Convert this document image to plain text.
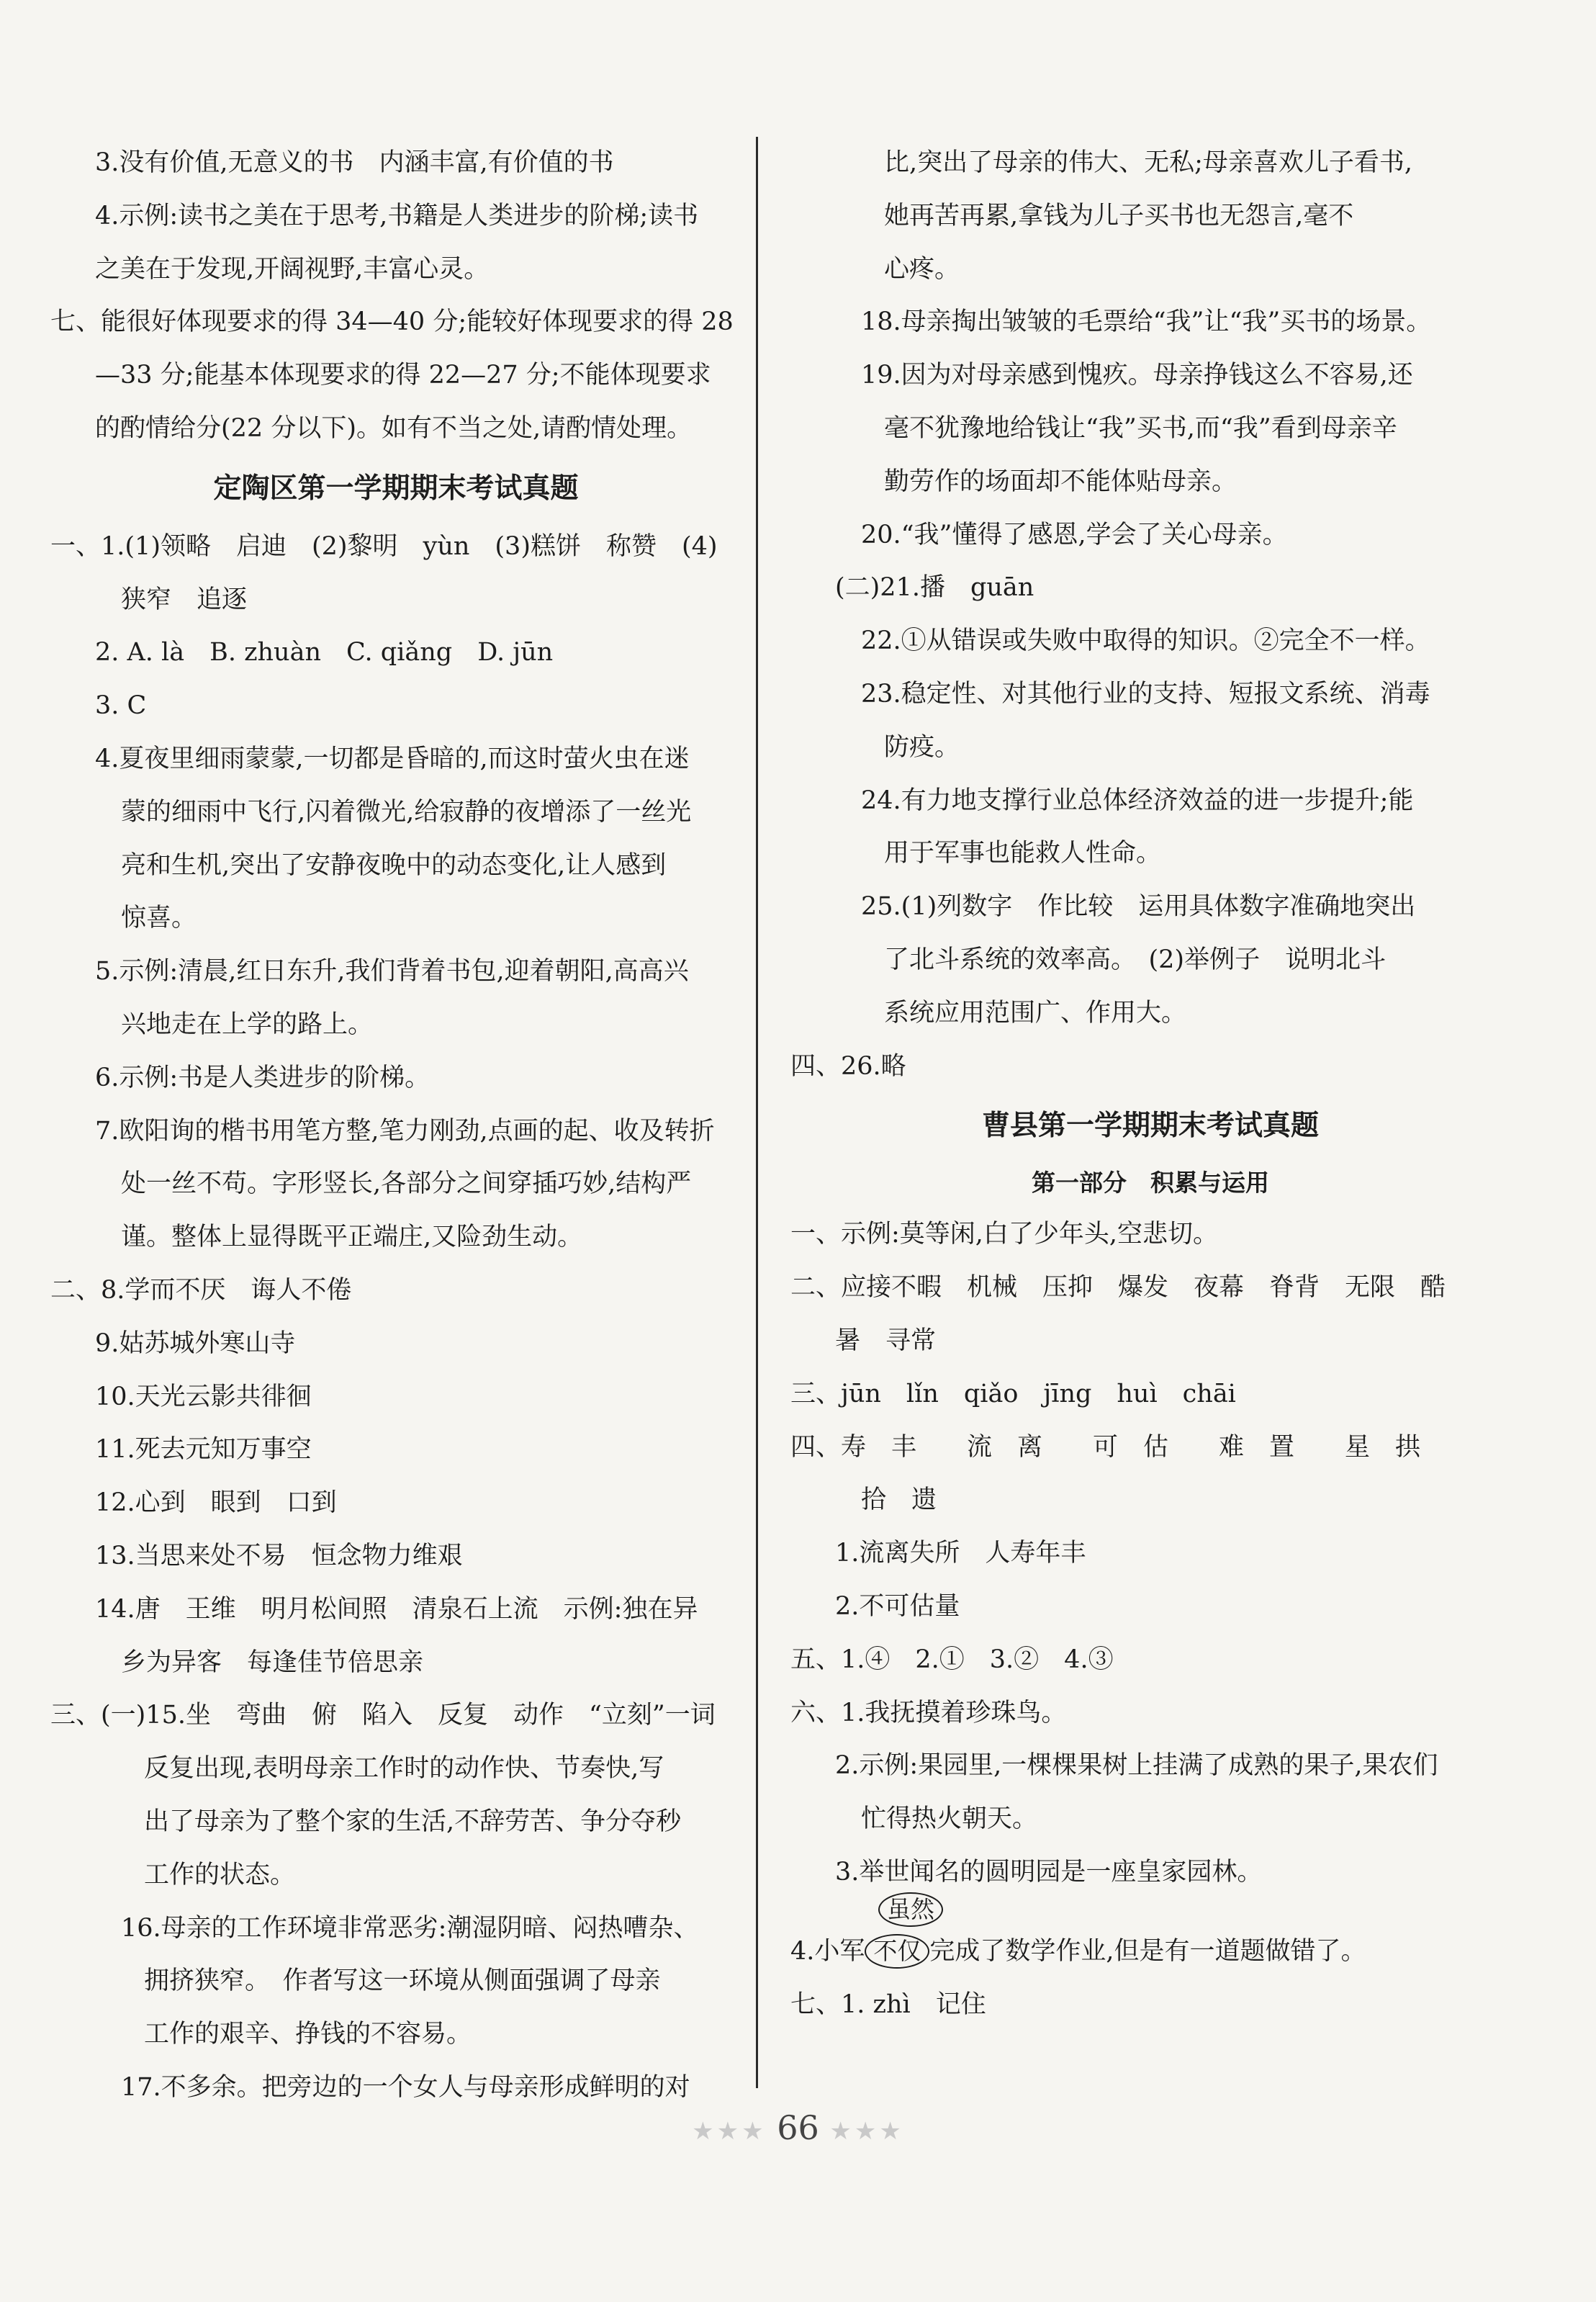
3.没有价值,无意义的书　内涵丰富,有价值的书
4.示例:读书之美在于思考,书籍是人类进步的阶梯;读书
之美在于发现,开阔视野,丰富心灵。
七、能很好体现要求的得 34—40 分;能较好体现要求的得 28
—33 分;能基本体现要求的得 22—27 分;不能体现要求
的酌情给分(22 分以下)。如有不当之处,请酌情处理。
定陶区第一学期期末考试真题
一、1.(1)领略　启迪　(2)黎明　yùn　(3)糕饼　称赞　(4)
狭窄　追逐
2. A. là　B. zhuàn　C. qiǎng　D. jūn
3. C
4.夏夜里细雨蒙蒙,一切都是昏暗的,而这时萤火虫在迷
蒙的细雨中飞行,闪着微光,给寂静的夜增添了一丝光
亮和生机,突出了安静夜晚中的动态变化,让人感到
惊喜。
5.示例:清晨,红日东升,我们背着书包,迎着朝阳,高高兴
兴地走在上学的路上。
6.示例:书是人类进步的阶梯。
7.欧阳询的楷书用笔方整,笔力刚劲,点画的起、收及转折
处一丝不苟。字形竖长,各部分之间穿插巧妙,结构严
谨。整体上显得既平正端庄,又险劲生动。
二、8.学而不厌　诲人不倦
9.姑苏城外寒山寺
10.天光云影共徘徊
11.死去元知万事空
12.心到　眼到　口到
13.当思来处不易　恒念物力维艰
14.唐　王维　明月松间照　清泉石上流　示例:独在异
乡为异客　每逢佳节倍思亲
三、(一)15.坐　弯曲　俯　陷入　反复　动作　“立刻”一词
反复出现,表明母亲工作时的动作快、节奏快,写
出了母亲为了整个家的生活,不辞劳苦、争分夺秒
工作的状态。
16.母亲的工作环境非常恶劣:潮湿阴暗、闷热嘈杂、
拥挤狭窄。　作者写这一环境从侧面强调了母亲
工作的艰辛、挣钱的不容易。
17.不多余。把旁边的一个女人与母亲形成鲜明的对
比,突出了母亲的伟大、无私;母亲喜欢儿子看书,
她再苦再累,拿钱为儿子买书也无怨言,毫不
心疼。
18.母亲掏出皱皱的毛票给“我”让“我”买书的场景。
19.因为对母亲感到愧疚。母亲挣钱这么不容易,还
毫不犹豫地给钱让“我”买书,而“我”看到母亲辛
勤劳作的场面却不能体贴母亲。
20.“我”懂得了感恩,学会了关心母亲。
(二)21.播　guān
22.①从错误或失败中取得的知识。②完全不一样。
23.稳定性、对其他行业的支持、短报文系统、消毒
防疫。
24.有力地支撑行业总体经济效益的进一步提升;能
用于军事也能救人性命。
25.(1)列数字　作比较　运用具体数字准确地突出
了北斗系统的效率高。　(2)举例子　说明北斗
系统应用范围广、作用大。
四、26.略
曹县第一学期期末考试真题
第一部分　积累与运用
一、示例:莫等闲,白了少年头,空悲切。
二、应接不暇　机械　压抑　爆发　夜幕　脊背　无限　酷
暑　寻常
三、jūn　lǐn　qiǎo　jīng　huì　chāi
四、寿　丰　　流　离　　可　估　　难　置　　星　拱
拾　遗
1.流离失所　人寿年丰
2.不可估量
五、1.④　2.①　3.②　4.③
六、1.我抚摸着珍珠鸟。
2.示例:果园里,一棵棵果树上挂满了成熟的果子,果农们
忙得热火朝天。
3.举世闻名的圆明园是一座皇家园林。
虽然
4.小军 不仅 完成了数学作业,但是有一道题做错了。
七、1. zhì　记住
★★★ 66 ★★★
